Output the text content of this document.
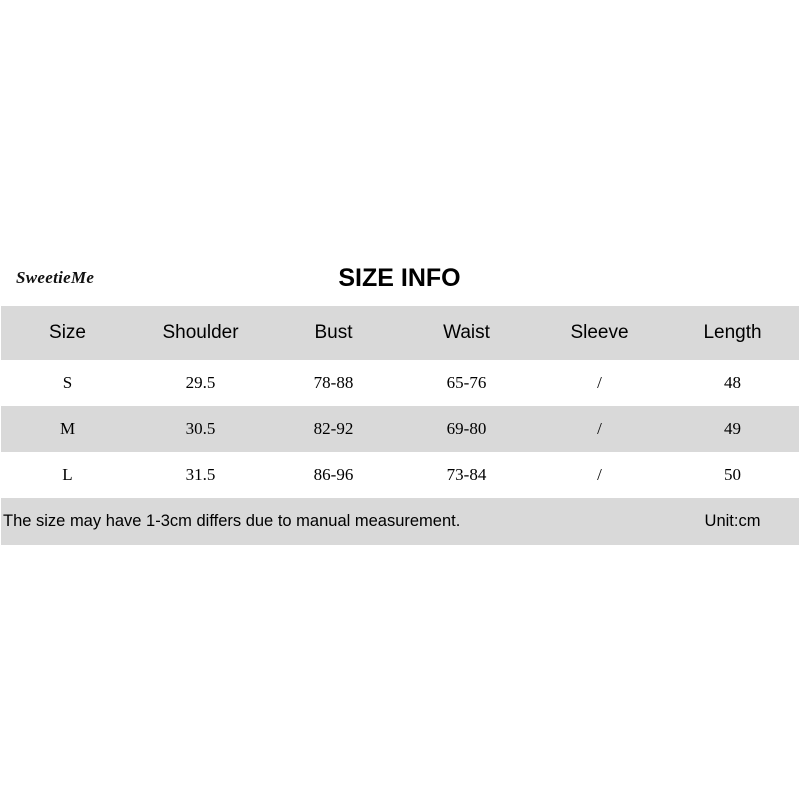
SweetieMe	SIZE INFO
Size	Shoulder	Bust	Waist	Sleeve	Length
S	29.5	78-88	65-76	/	48
M	30.5	82-92	69-80	/	49
L	31.5	86-96	73-84	/	50
The size may have 1-3cm differs due to manual measurement.	Unit:cm
